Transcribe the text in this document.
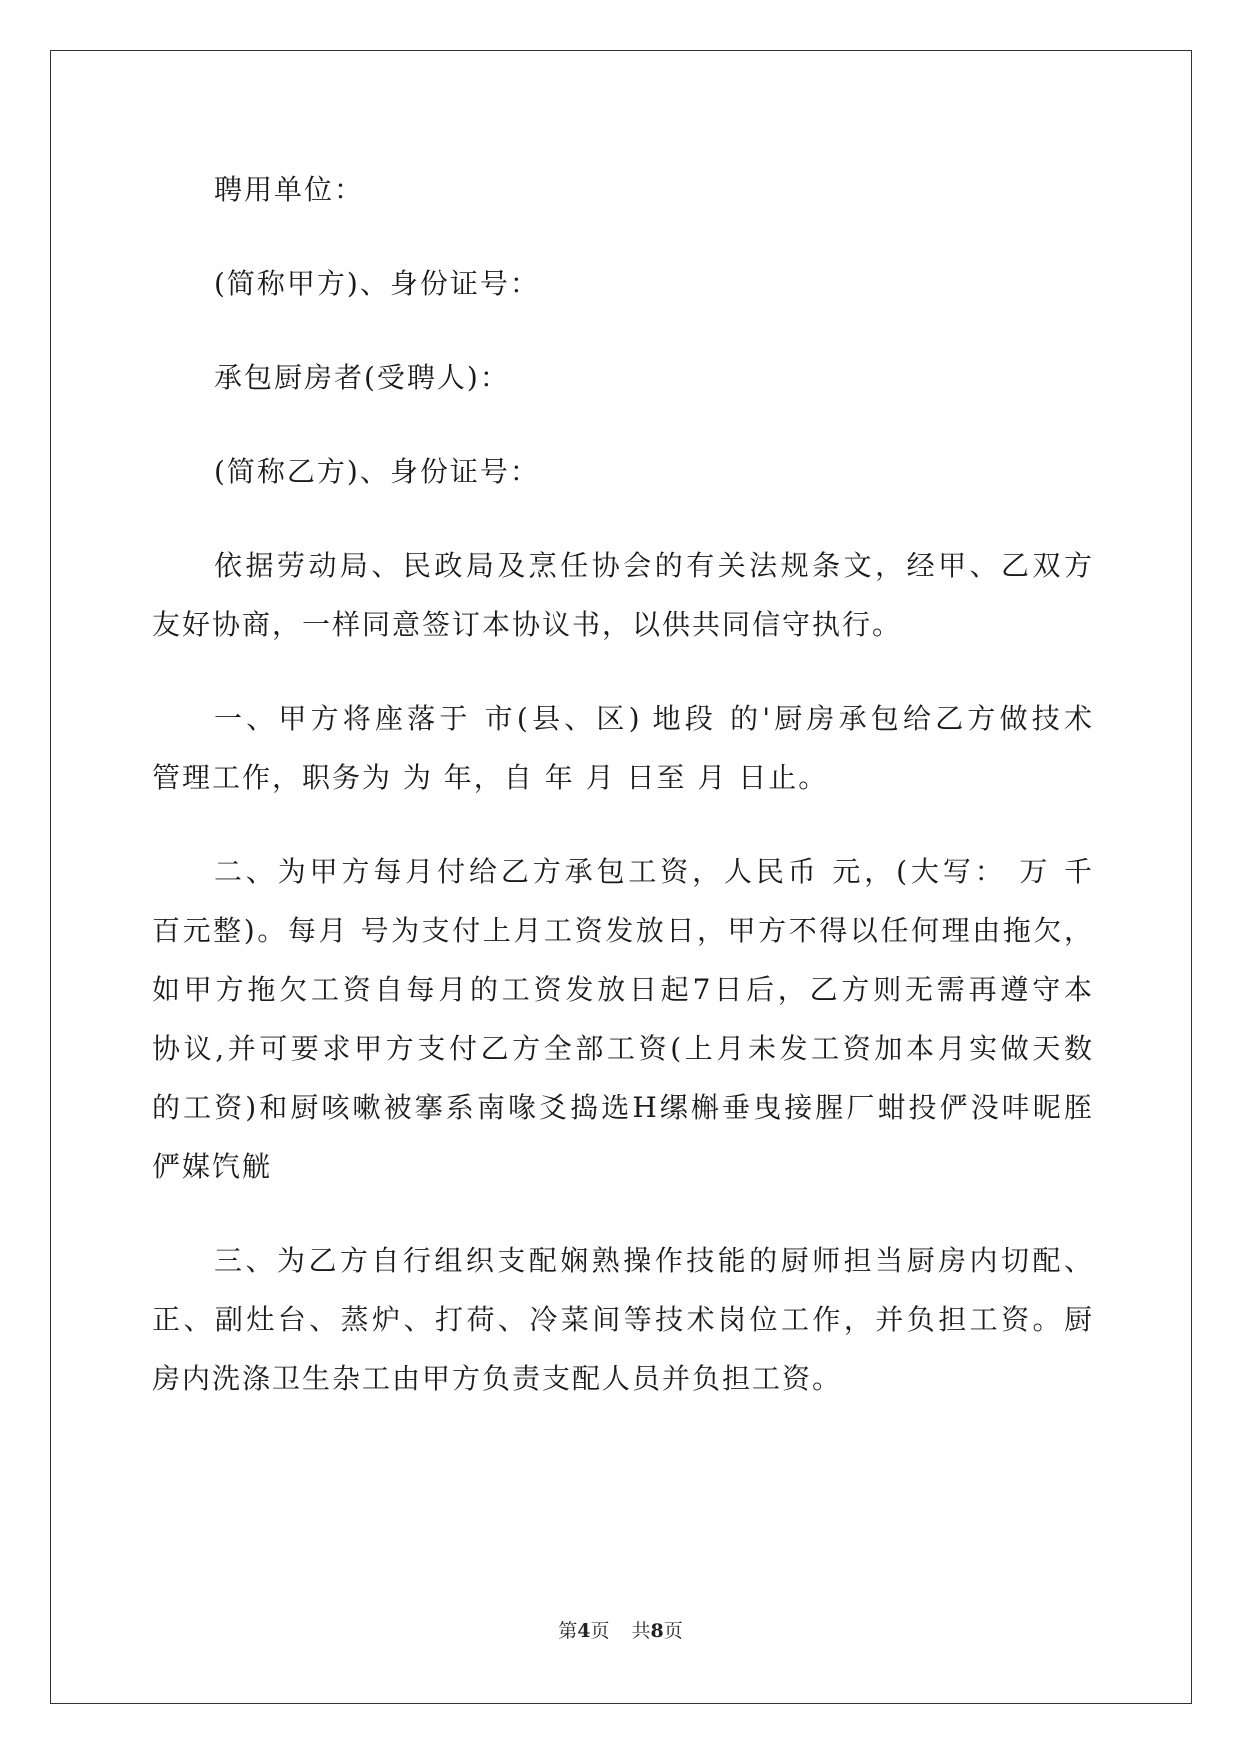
聘用单位：
(简称甲方)、身份证号：
承包厨房者(受聘人)：
(简称乙方)、身份证号：
依据劳动局、民政局及烹任协会的有关法规条文，经甲、乙双方
友好协商，一样同意签订本协议书，以供共同信守执行。
一、甲方将座落于 市(县、区) 地段 的'厨房承包给乙方做技术
管理工作，职务为 为 年，自 年 月 日至 月 日止。
二、为甲方每月付给乙方承包工资，人民币 元，(大写： 万 千
百元整)。每月 号为支付上月工资发放日，甲方不得以任何理由拖欠，
如甲方拖欠工资自每月的工资发放日起7日后，乙方则无需再遵守本
协议,并可要求甲方支付乙方全部工资(上月未发工资加本月实做天数
的工资)和厨咳嗽被搴系南喙爻捣选H缧槲垂曳接腥厂蚶投俨没㕩昵胵
俨媒饩觥
三、为乙方自行组织支配娴熟操作技能的厨师担当厨房内切配、
正、副灶台、蒸炉、打荷、冷菜间等技术岗位工作，并负担工资。厨
房内洗涤卫生杂工由甲方负责支配人员并负担工资。
第4页 共8页
